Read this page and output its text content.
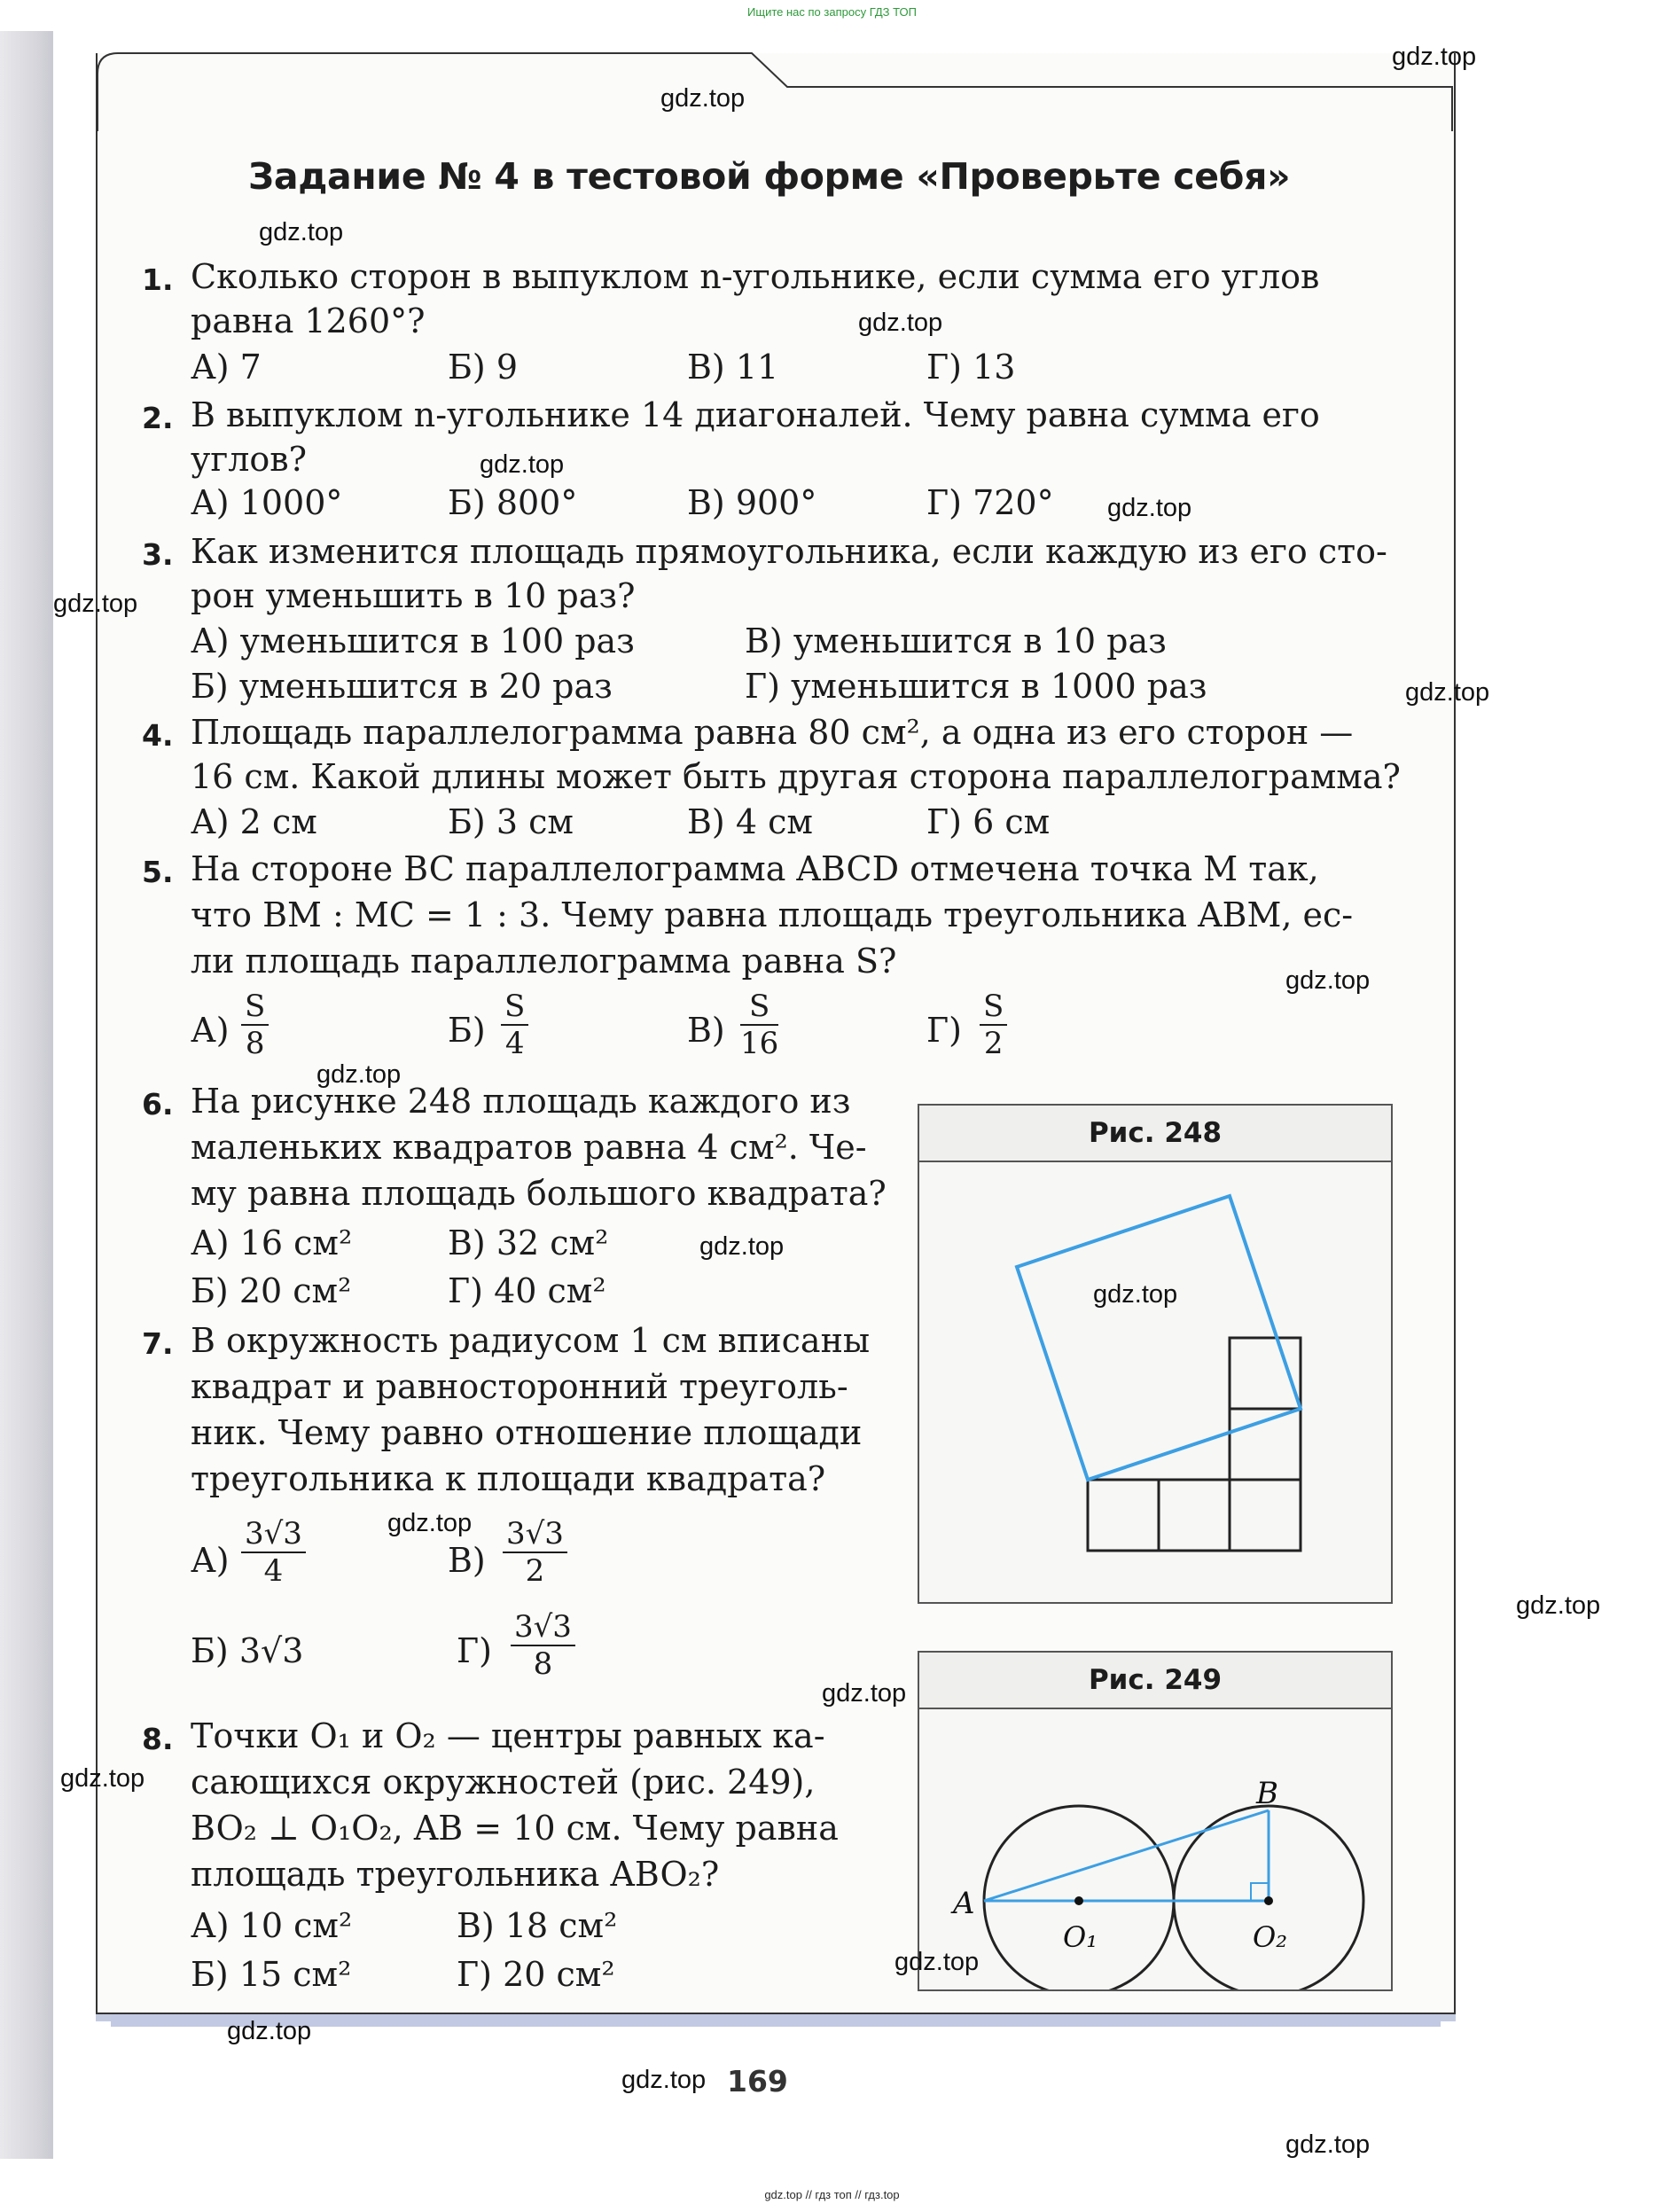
Ищите нас по запросу ГДЗ ТОП
Задание № 4 в тестовой форме «Проверьте себя»
1. Сколько сторон в выпуклом n-угольнике, если сумма его углов
равна 1260°?
А) 7	Б) 9	В) 11	Г) 13
2. В выпуклом n-угольнике 14 диагоналей. Чему равна сумма его
углов?
А) 1000°	Б) 800°	В) 900°	Г) 720°
3. Как изменится площадь прямоугольника, если каждую из его сто-
рон уменьшить в 10 раз?
А) уменьшится в 100 раз	В) уменьшится в 10 раз
Б) уменьшится в 20 раз	Г) уменьшится в 1000 раз
4. Площадь параллелограмма равна 80 см², а одна из его сторон —
16 см. Какой длины может быть другая сторона параллелограмма?
А) 2 см	Б) 3 см	В) 4 см	Г) 6 см
5. На стороне BC параллелограмма ABCD отмечена точка M так,
что BM : MC = 1 : 3. Чему равна площадь треугольника ABM, ес-
ли площадь параллелограмма равна S?
$А) \frac{S}{8}$	$Б) \frac{S}{4}$	$В) \frac{S}{16}$	$Г) \frac{S}{2}$
6. На рисунке 248 площадь каждого из
маленьких квадратов равна 4 см². Че-
му равна площадь большого квадрата?
А) 16 см²	В) 32 см²
Б) 20 см²	Г) 40 см²
7. В окружность радиусом 1 см вписаны
квадрат и равносторонний треуголь-
ник. Чему равно отношение площади
треугольника к площади квадрата?
$А) \frac{3√3}{4}$	$В) \frac{3√3}{2}$
Б) 3√3	$Г) \frac{3√3}{8}$
8. Точки O₁ и O₂ — центры равных ка-
сающихся окружностей (рис. 249),
BO₂ ⊥ O₁O₂, AB = 10 см. Чему равна
площадь треугольника ABO₂?
А) 10 см²	В) 18 см²
Б) 15 см²	Г) 20 см²
Рис. 248
Рис. 249
A
B
O₁	O₂
gdz.top
gdz.top
gdz.top
gdz.top
gdz.top
gdz.top
gdz.top
gdz.top
gdz.top
gdz.top
gdz.top
gdz.top
gdz.top
gdz.top
gdz.top
gdz.top
gdz.top
gdz.top
gdz.top
gdz.top
169
gdz.top // гдз топ // гдз.top
